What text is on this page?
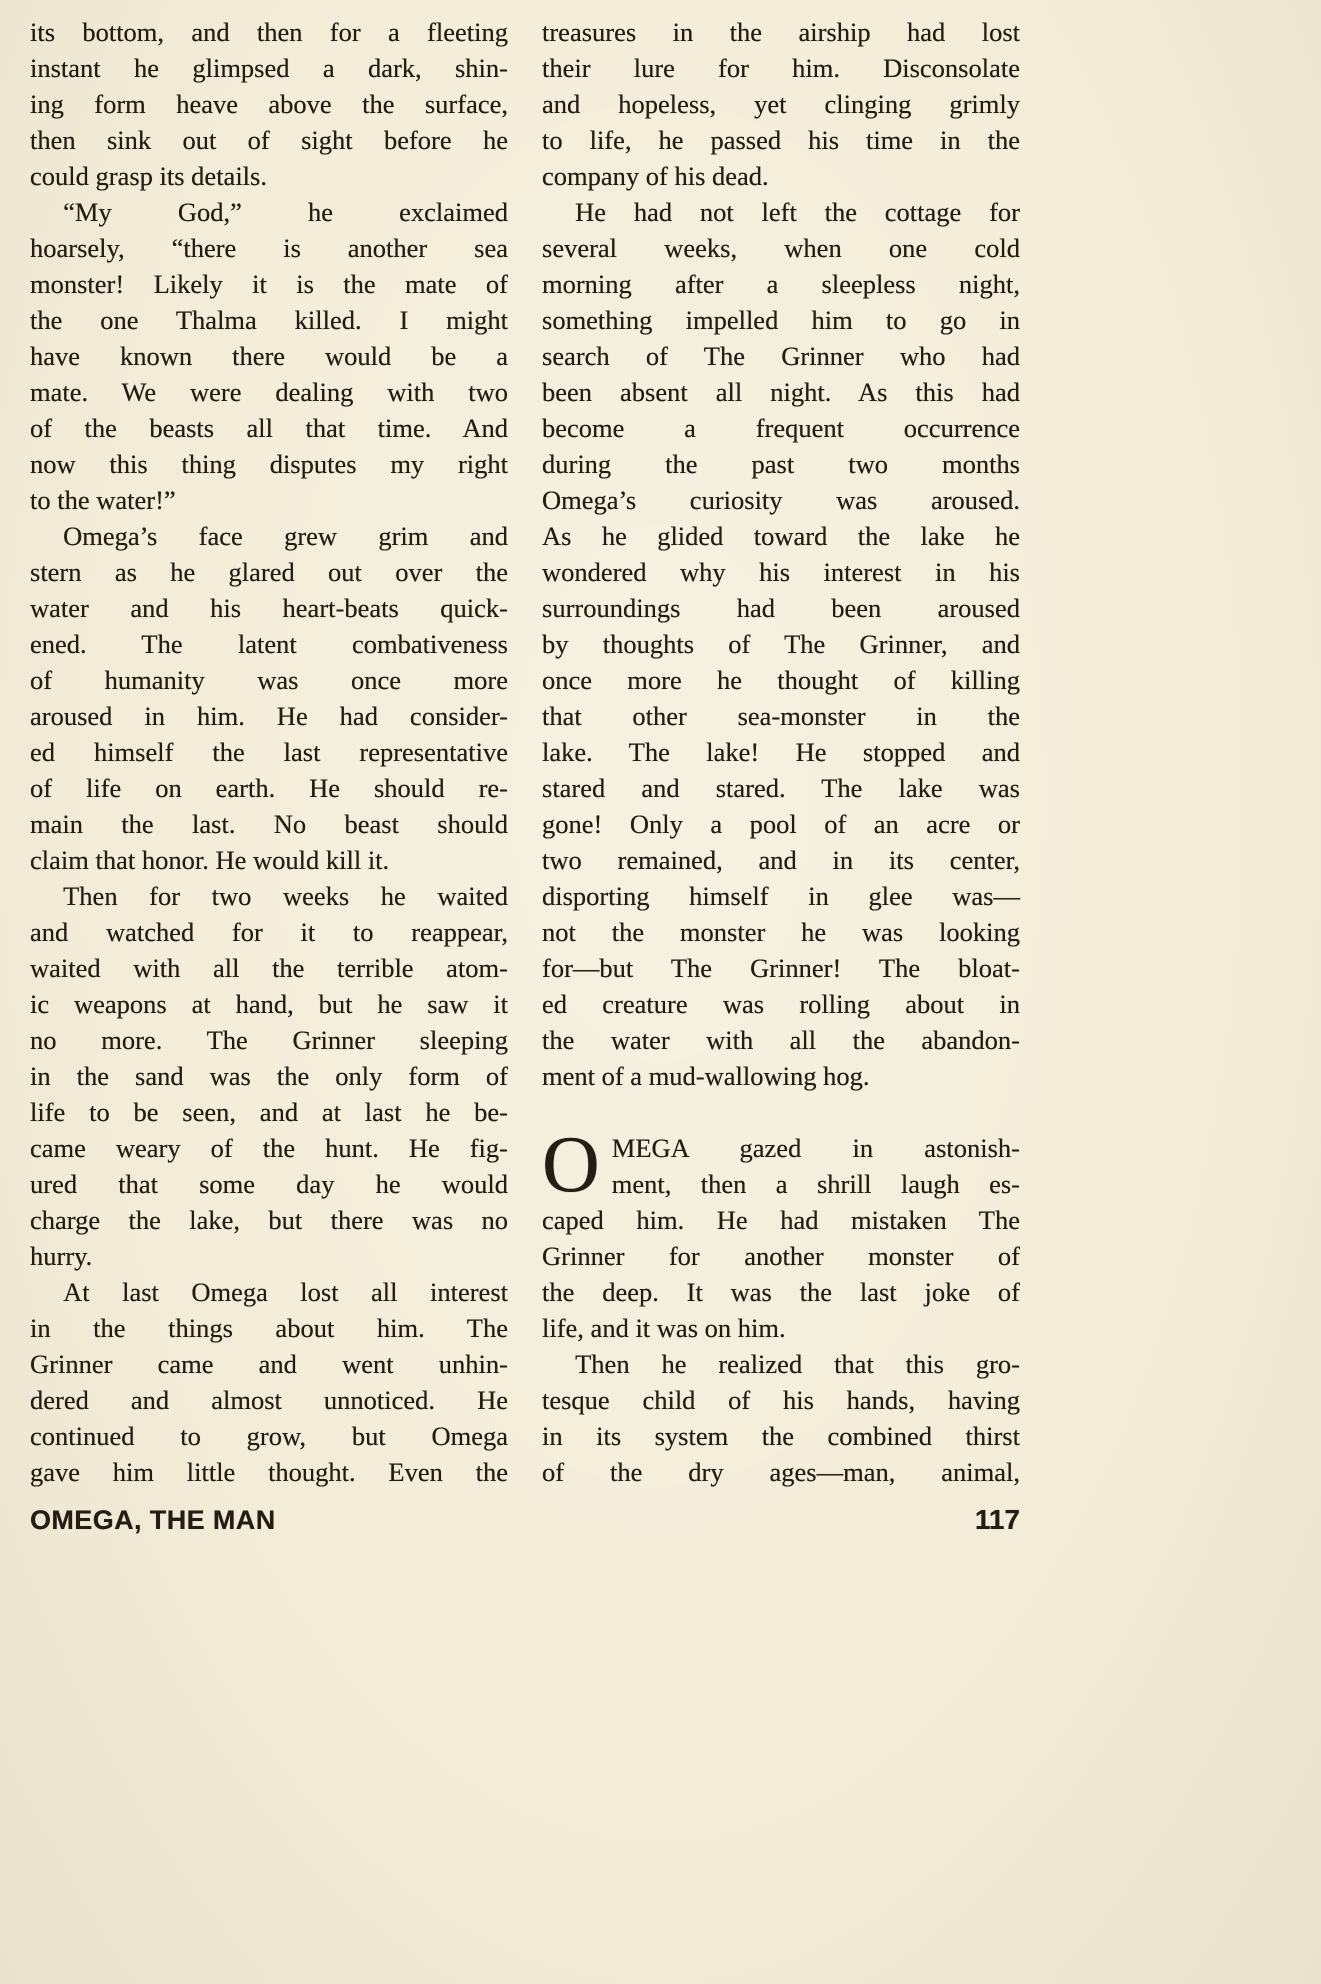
its bottom, and then for a fleeting
instant he glimpsed a dark, shin-
ing form heave above the surface,
then sink out of sight before he
could grasp its details.
“My God,” he exclaimed
hoarsely, “there is another sea
monster! Likely it is the mate of
the one Thalma killed. I might
have known there would be a
mate. We were dealing with two
of the beasts all that time. And
now this thing disputes my right
to the water!”
Omega’s face grew grim and
stern as he glared out over the
water and his heart-beats quick-
ened. The latent combativeness
of humanity was once more
aroused in him. He had consider-
ed himself the last representative
of life on earth. He should re-
main the last. No beast should
claim that honor. He would kill it.
Then for two weeks he waited
and watched for it to reappear,
waited with all the terrible atom-
ic weapons at hand, but he saw it
no more. The Grinner sleeping
in the sand was the only form of
life to be seen, and at last he be-
came weary of the hunt. He fig-
ured that some day he would
charge the lake, but there was no
hurry.
At last Omega lost all interest
in the things about him. The
Grinner came and went unhin-
dered and almost unnoticed. He
continued to grow, but Omega
gave him little thought. Even the
treasures in the airship had lost
their lure for him. Disconsolate
and hopeless, yet clinging grimly
to life, he passed his time in the
company of his dead.
He had not left the cottage for
several weeks, when one cold
morning after a sleepless night,
something impelled him to go in
search of The Grinner who had
been absent all night. As this had
become a frequent occurrence
during the past two months
Omega’s curiosity was aroused.
As he glided toward the lake he
wondered why his interest in his
surroundings had been aroused
by thoughts of The Grinner, and
once more he thought of killing
that other sea-monster in the
lake. The lake! He stopped and
stared and stared. The lake was
gone! Only a pool of an acre or
two remained, and in its center,
disporting himself in glee was—
not the monster he was looking
for—but The Grinner! The bloat-
ed creature was rolling about in
the water with all the abandon-
ment of a mud-wallowing hog.
O MEGA gazed in astonish-
ment, then a shrill laugh es-
caped him. He had mistaken The
Grinner for another monster of
the deep. It was the last joke of
life, and it was on him.
Then he realized that this gro-
tesque child of his hands, having
in its system the combined thirst
of the dry ages—man, animal,
OMEGA, THE MAN	117
